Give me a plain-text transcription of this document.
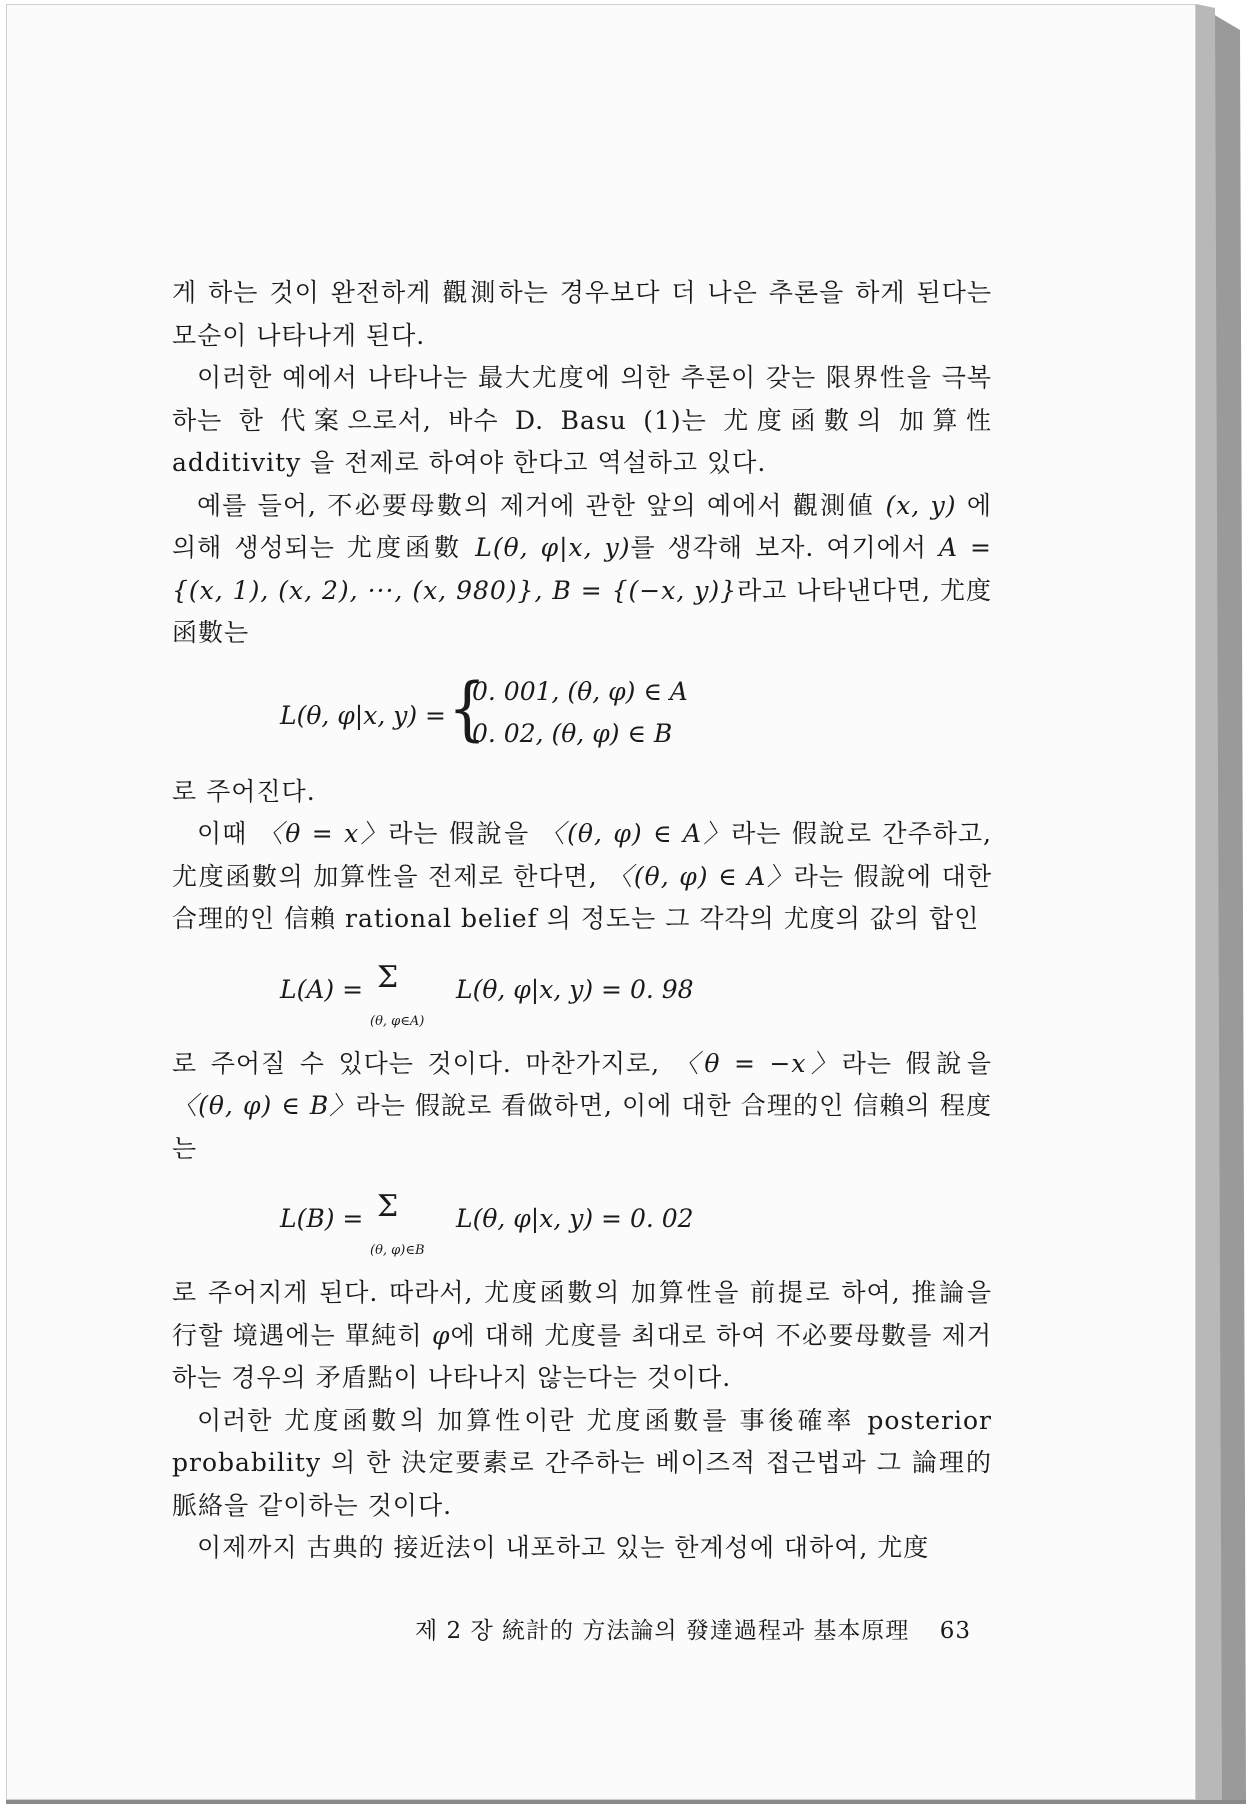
게 하는 것이 완전하게 觀測하는 경우보다 더 나은 추론을 하게 된다는 모순이 나타나게 된다.

이러한 예에서 나타나는 最大尤度에 의한 추론이 갖는 限界性을 극복하는 한 代案으로서, 바수 D. Basu (1)는 尤度函數의 加算性 additivity 을 전제로 하여야 한다고 역설하고 있다.

예를 들어, 不必要母數의 제거에 관한 앞의 예에서 觀測値 (x, y) 에 의해 생성되는 尤度函數 L(θ, φ|x, y)를 생각해 보자. 여기에서 A = {(x, 1), (x, 2), ···, (x, 980)}, B = {(−x, y)}라고 나타낸다면, 尤度函數는

L(θ, φ|x, y) = {
0. 001, (θ, φ) ∈ A
0. 02, (θ, φ) ∈ B

로 주어진다.

이때 〈θ = x〉라는 假說을 〈(θ, φ) ∈ A〉라는 假說로 간주하고, 尤度函數의 加算性을 전제로 한다면, 〈(θ, φ) ∈ A〉라는 假說에 대한 合理的인 信賴 rational belief 의 정도는 그 각각의 尤度의 값의 합인

L(A) = Σ
(θ, φ∈A)
L(θ, φ|x, y) = 0. 98

로 주어질 수 있다는 것이다. 마찬가지로, 〈θ = −x〉라는 假說을 〈(θ, φ) ∈ B〉라는 假說로 看做하면, 이에 대한 合理的인 信賴의 程度는

L(B) = Σ
(θ, φ)∈B
L(θ, φ|x, y) = 0. 02

로 주어지게 된다. 따라서, 尤度函數의 加算性을 前提로 하여, 推論을 行할 境遇에는 單純히 φ에 대해 尤度를 최대로 하여 不必要母數를 제거하는 경우의 矛盾點이 나타나지 않는다는 것이다.

이러한 尤度函數의 加算性이란 尤度函數를 事後確率 posterior probability 의 한 決定要素로 간주하는 베이즈적 접근법과 그 論理的 脈絡을 같이하는 것이다.

이제까지 古典的 接近法이 내포하고 있는 한계성에 대하여, 尤度

제 2 장 統計的 方法論의 發達過程과 基本原理 63
